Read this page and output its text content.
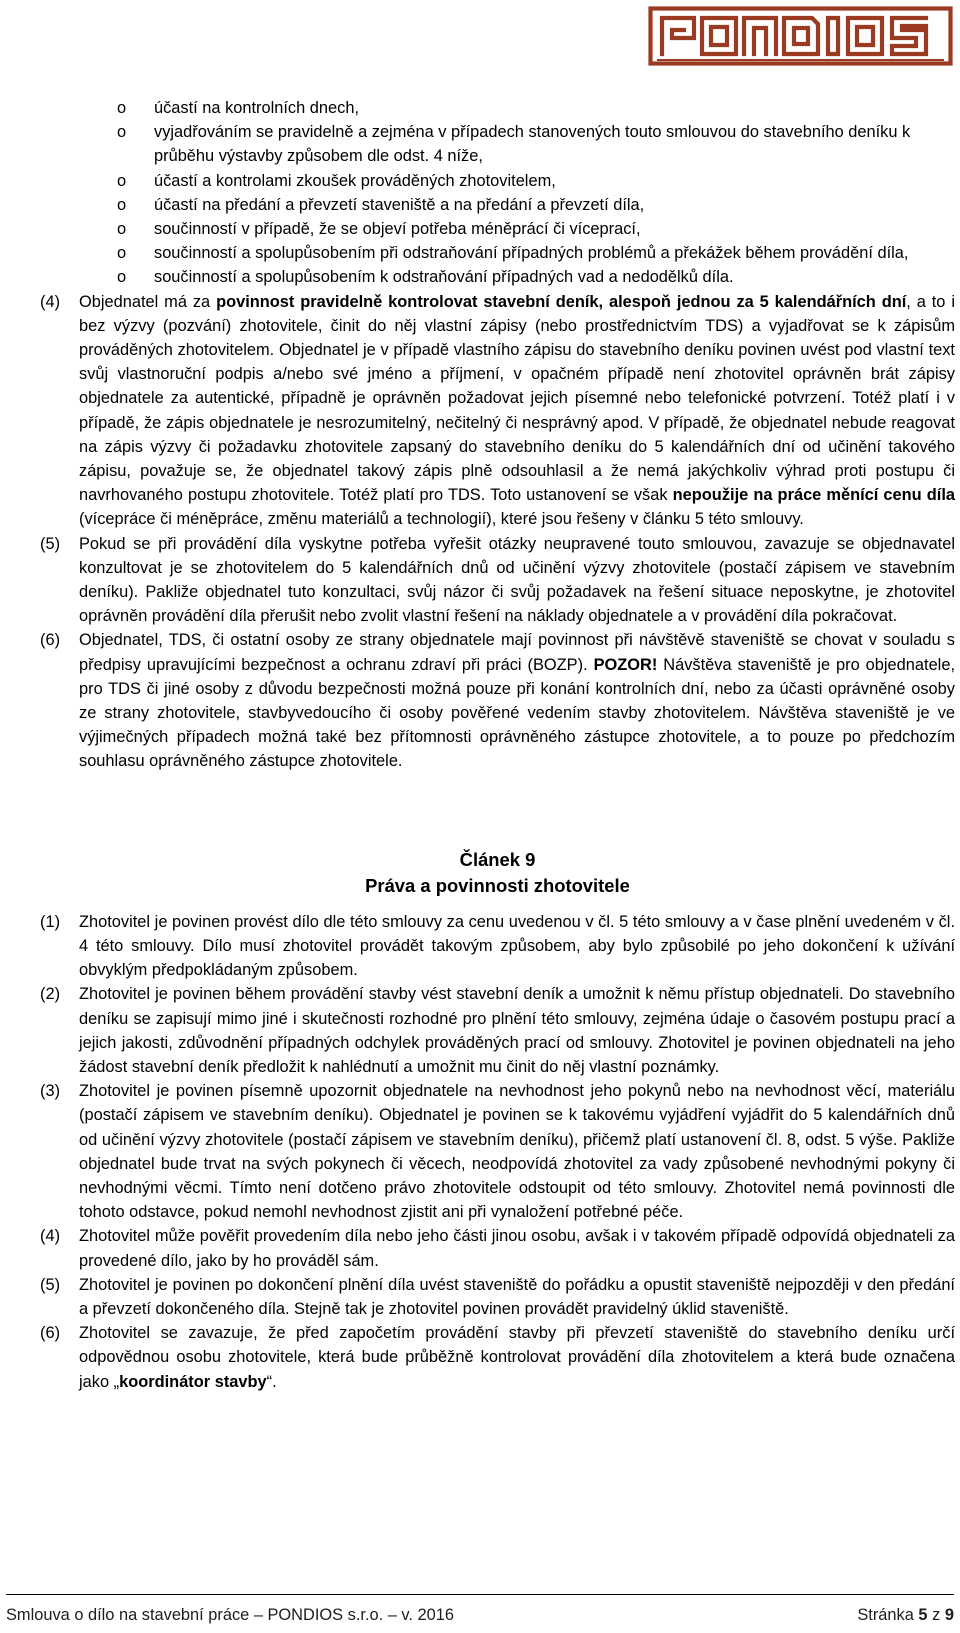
o účastí na kontrolních dnech,
o vyjadřováním se pravidelně a zejména v případech stanovených touto smlouvou do stavebního deníku k průběhu výstavby způsobem dle odst. 4 níže,
o účastí a kontrolami zkoušek prováděných zhotovitelem,
o účastí na předání a převzetí staveniště a na předání a převzetí díla,
o součinností v případě, že se objeví potřeba méněprácí či víceprací,
o součinností a spolupůsobením při odstraňování případných problémů a překážek během provádění díla,
o součinností a spolupůsobením k odstraňování případných vad a nedodělků díla.
(4) Objednatel má za povinnost pravidelně kontrolovat stavební deník, alespoň jednou za 5 kalendářních dní, a to i bez výzvy (pozvání) zhotovitele, činit do něj vlastní zápisy (nebo prostřednictvím TDS) a vyjadřovat se k zápisům prováděných zhotovitelem. Objednatel je v případě vlastního zápisu do stavebního deníku povinen uvést pod vlastní text svůj vlastnoruční podpis a/nebo své jméno a příjmení, v opačném případě není zhotovitel oprávněn brát zápisy objednatele za autentické, případně je oprávněn požadovat jejich písemné nebo telefonické potvrzení. Totéž platí i v případě, že zápis objednatele je nesrozumitelný, nečitelný či nesprávný apod. V případě, že objednatel nebude reagovat na zápis výzvy či požadavku zhotovitele zapsaný do stavebního deníku do 5 kalendářních dní od učinění takového zápisu, považuje se, že objednatel takový zápis plně odsouhlasil a že nemá jakýchkoliv výhrad proti postupu či navrhovaného postupu zhotovitele. Totéž platí pro TDS. Toto ustanovení se však nepoužije na práce měnící cenu díla (vícepráce či méněpráce, změnu materiálů a technologií), které jsou řešeny v článku 5 této smlouvy.
(5) Pokud se při provádění díla vyskytne potřeba vyřešit otázky neupravené touto smlouvou, zavazuje se objednavatel konzultovat je se zhotovitelem do 5 kalendářních dnů od učinění výzvy zhotovitele (postačí zápisem ve stavebním deníku). Pakliže objednatel tuto konzultaci, svůj názor či svůj požadavek na řešení situace neposkytne, je zhotovitel oprávněn provádění díla přerušit nebo zvolit vlastní řešení na náklady objednatele a v provádění díla pokračovat.
(6) Objednatel, TDS, či ostatní osoby ze strany objednatele mají povinnost při návštěvě staveniště se chovat v souladu s předpisy upravujícími bezpečnost a ochranu zdraví při práci (BOZP). POZOR! Návštěva staveniště je pro objednatele, pro TDS či jiné osoby z důvodu bezpečnosti možná pouze při konání kontrolních dní, nebo za účasti oprávněné osoby ze strany zhotovitele, stavbyvedoucího či osoby pověřené vedením stavby zhotovitelem. Návštěva staveniště je ve výjimečných případech možná také bez přítomnosti oprávněného zástupce zhotovitele, a to pouze po předchozím souhlasu oprávněného zástupce zhotovitele.
Článek 9
Práva a povinnosti zhotovitele
(1) Zhotovitel je povinen provést dílo dle této smlouvy za cenu uvedenou v čl. 5 této smlouvy a v čase plnění uvedeném v čl. 4 této smlouvy. Dílo musí zhotovitel provádět takovým způsobem, aby bylo způsobilé po jeho dokončení k užívání obvyklým předpokládaným způsobem.
(2) Zhotovitel je povinen během provádění stavby vést stavební deník a umožnit k němu přístup objednateli. Do stavebního deníku se zapisují mimo jiné i skutečnosti rozhodné pro plnění této smlouvy, zejména údaje o časovém postupu prací a jejich jakosti, zdůvodnění případných odchylek prováděných prací od smlouvy. Zhotovitel je povinen objednateli na jeho žádost stavební deník předložit k nahlédnutí a umožnit mu činit do něj vlastní poznámky.
(3) Zhotovitel je povinen písemně upozornit objednatele na nevhodnost jeho pokynů nebo na nevhodnost věcí, materiálu (postačí zápisem ve stavebním deníku). Objednatel je povinen se k takovému vyjádření vyjádřit do 5 kalendářních dnů od učinění výzvy zhotovitele (postačí zápisem ve stavebním deníku), přičemž platí ustanovení čl. 8, odst. 5 výše. Pakliže objednatel bude trvat na svých pokynech či věcech, neodpovídá zhotovitel za vady způsobené nevhodnými pokyny či nevhodnými věcmi. Tímto není dotčeno právo zhotovitele odstoupit od této smlouvy. Zhotovitel nemá povinnosti dle tohoto odstavce, pokud nemohl nevhodnost zjistit ani při vynaložení potřebné péče.
(4) Zhotovitel může pověřit provedením díla nebo jeho části jinou osobu, avšak i v takovém případě odpovídá objednateli za provedené dílo, jako by ho prováděl sám.
(5) Zhotovitel je povinen po dokončení plnění díla uvést staveniště do pořádku a opustit staveniště nejpozději v den předání a převzetí dokončeného díla. Stejně tak je zhotovitel povinen provádět pravidelný úklid staveniště.
(6) Zhotovitel se zavazuje, že před započetím provádění stavby při převzetí staveniště do stavebního deníku určí odpovědnou osobu zhotovitele, která bude průběžně kontrolovat provádění díla zhotovitelem a která bude označena jako „koordinátor stavby“.
Smlouva o dílo na stavební práce – PONDIOS s.r.o. – v. 2016	Stránka 5 z 9
